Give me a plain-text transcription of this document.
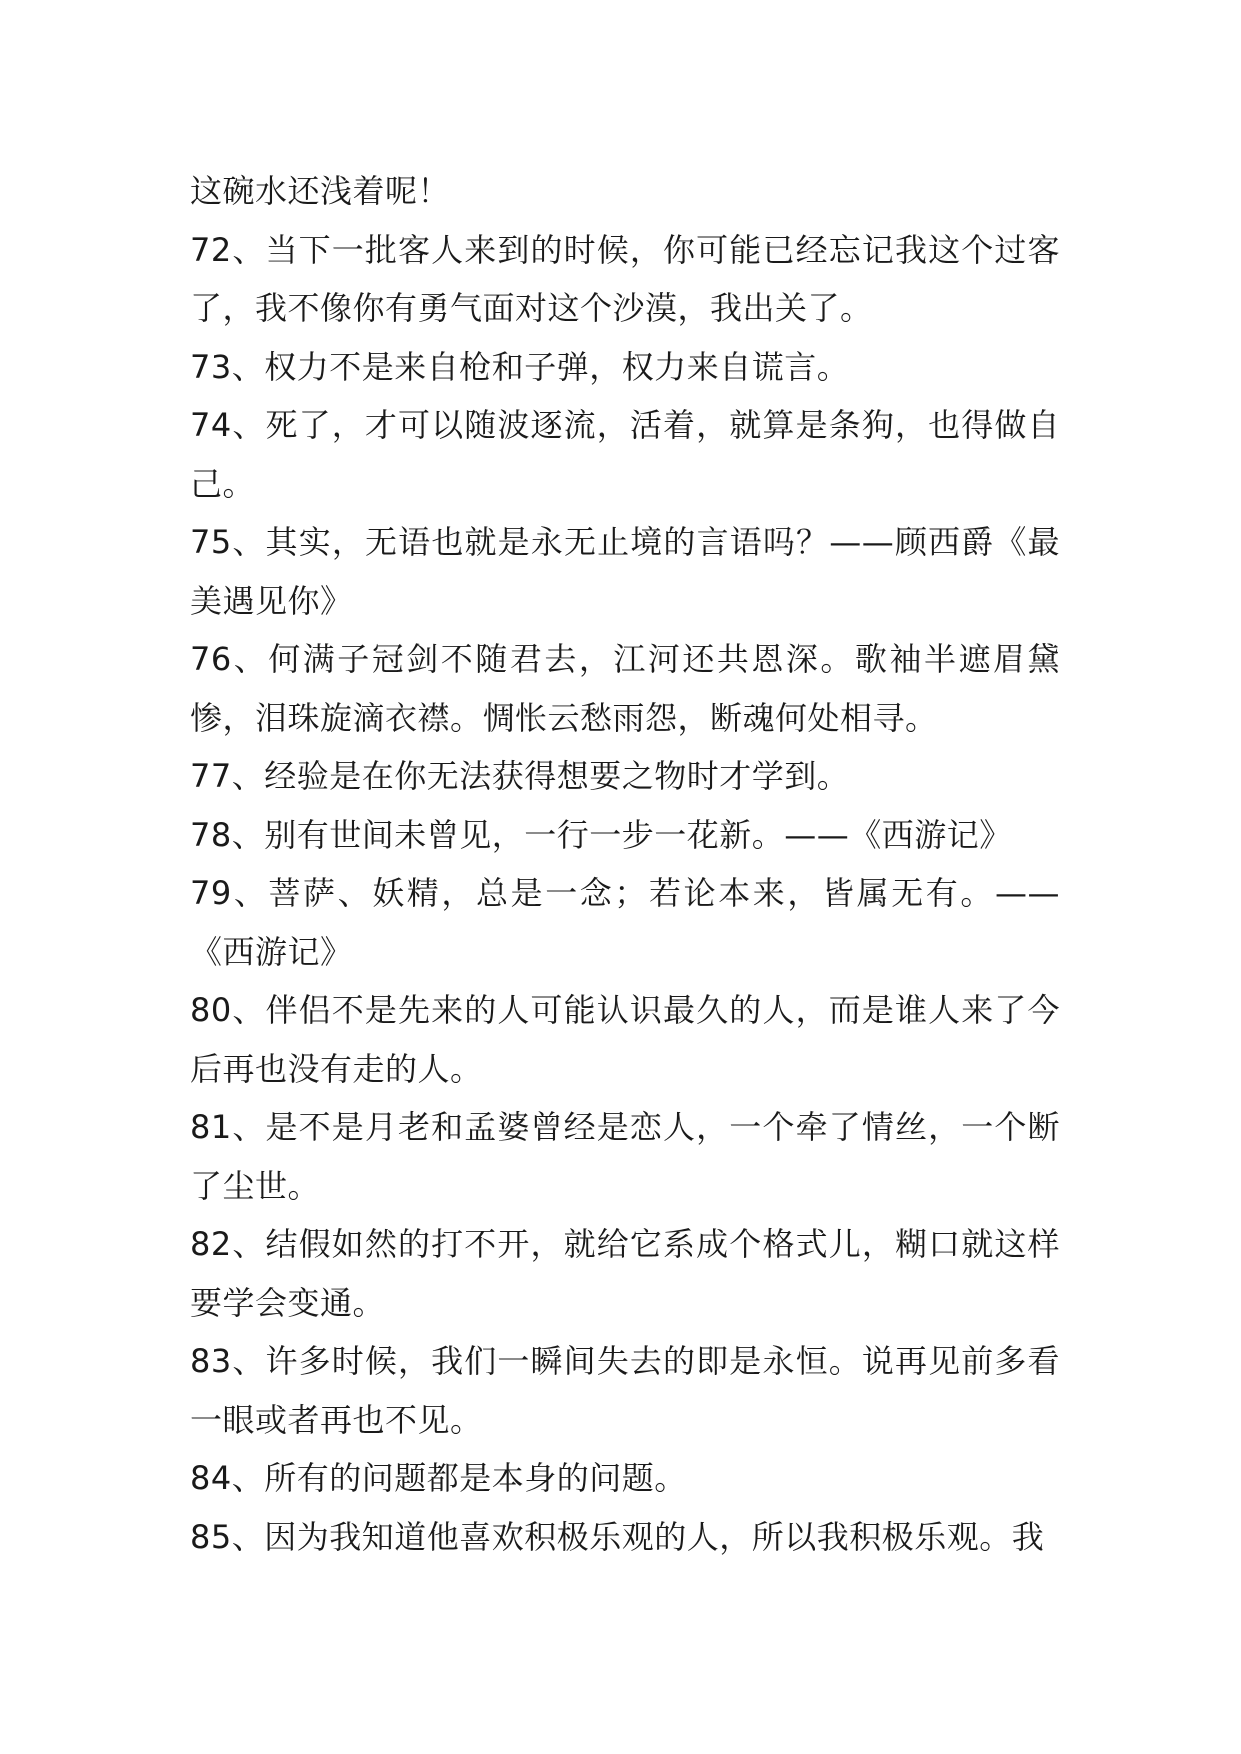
这碗水还浅着呢！

72、当下一批客人来到的时候，你可能已经忘记我这个过客了，我不像你有勇气面对这个沙漠，我出关了。

73、权力不是来自枪和子弹，权力来自谎言。

74、死了，才可以随波逐流，活着，就算是条狗，也得做自己。

75、其实，无语也就是永无止境的言语吗？——顾西爵《最美遇见你》

76、何满子冠剑不随君去，江河还共恩深。歌袖半遮眉黛惨，泪珠旋滴衣襟。惆怅云愁雨怨，断魂何处相寻。

77、经验是在你无法获得想要之物时才学到。

78、别有世间未曾见，一行一步一花新。——《西游记》

79、菩萨、妖精，总是一念；若论本来，皆属无有。——《西游记》

80、伴侣不是先来的人可能认识最久的人，而是谁人来了今后再也没有走的人。

81、是不是月老和孟婆曾经是恋人，一个牵了情丝，一个断了尘世。

82、结假如然的打不开，就给它系成个格式儿，糊口就这样要学会变通。

83、许多时候，我们一瞬间失去的即是永恒。说再见前多看一眼或者再也不见。

84、所有的问题都是本身的问题。

85、因为我知道他喜欢积极乐观的人，所以我积极乐观。我
